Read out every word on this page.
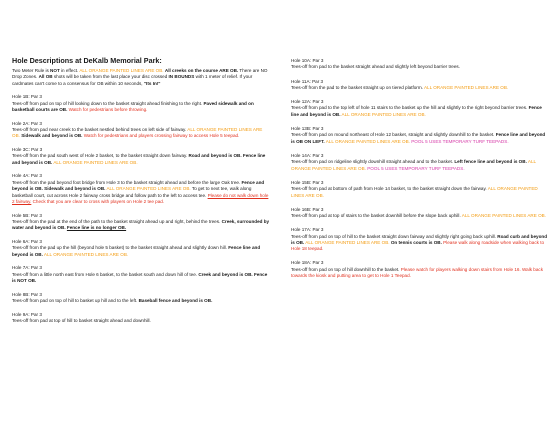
Hole Descriptions at DeKalb Memorial Park:

Two Meter Rule is NOT in effect. ALL ORANGE PAINTED LINES ARE OB. All creeks on the course ARE OB. There are NO Drop Zones. All OB shots will be taken from the last place your disc crossed IN BOUNDS with 1 meter of relief. If your cardmates can't come to a consensus for OB within 10 seconds, "Its In!"

Hole 1B: Par 3
Tees-off from pad on top of hill looking down to the basket straight ahead finishing to the right. Paved sidewalk and on basketball courts are OB. Watch for pedestrians before throwing.
Hole 2A: Par 3
Tees-off from pad near creek to the basket nestled behind trees on left side of fairway. ALL ORANGE PAINTED LINES ARE OB. Sidewalk and beyond is OB. Watch for pedestrians and players crossing fairway to access Hole 5 teepad.
Hole 3C: Par 3
Tees-off from the pad south west of Hole 2 basket, to the basket straight down fairway. Road and beyond is OB. Fence line and beyond is OB. ALL ORANGE PAINTED LINES ARE OB.
Hole 4A: Par 3
Tees-off from the pad beyond foot bridge from Hole 3 to the basket straight ahead and before the large Oak tree. Fence and beyond is OB. Sidewalk and beyond is OB. ALL ORANGE PAINTED LINES ARE OB. To get to next tee, walk along basketball court, cut across Hole 2 fairway cross bridge and follow path to the left to access tee. Please do not walk down hole 2 fairway. Check that you are clear to cross with players on Hole 2 tee pad.
Hole 5B: Par 3
Tees-off from the pad at the end of the path to the basket straight ahead up and right, behind the trees. Creek, surrounded by water and beyond is OB. Fence line is no longer OB.
Hole 6A: Par 3
Tees-off from the pad up the hill (beyond hole 5 basket) to the basket straight ahead and slightly down hill. Fence line and beyond is OB. ALL ORANGE PAINTED LINES ARE OB.
Hole 7A: Par 3
Tees-off from a little north east from Hole 6 basket, to the basket south and down hill of tee. Creek and beyond is OB. Fence is NOT OB.
Hole 8B: Par 3
Tees-off from pad on top of hill to basket up hill and to the left. Baseball fence and beyond is OB.
Hole 9A: Par 3
Tees-off from pad at top of hill to basket straight ahead and downhill.
Hole 10A: Par 3
Tees-off from pad to the basket straight ahead and slightly left beyond barrier trees.
Hole 11A: Par 3
Tees-off from the pad to the basket straight up on tiered platform. ALL ORANGE PAINTED LINES ARE OB.
Hole 12A: Par 3
Tees-off from pad to the top left of hole 11 stairs to the basket up the hill and slightly to the right beyond barrier trees. Fence line and beyond is OB. ALL ORANGE PAINTED LINES ARE OB.
Hole 13B: Par 3
Tees-off from pad on mound northeast of Hole 12 basket, straight and slightly downhill to the basket. Fence line and beyond is OB ON LEFT. ALL ORANGE PAINTED LINES ARE OB. POOL 5 USES TEMPORARY TURF TEEPADS.
Hole 14A: Par 3
Tees-off from pad on ridgeline slightly downhill straight ahead and to the basket. Left fence line and beyond is OB. ALL ORANGE PAINTED LINES ARE OB. POOL 5 USES TEMPORARY TURF TEEPADS.
Hole 15B: Par 3
Tees-off from pad at bottom of path from Hole 14 basket, to the basket straight down the fairway. ALL ORANGE PAINTED LINES ARE OB.
Hole 16B: Par 3
Tees-off from pad at top of stairs to the basket downhill before the slope back uphill. ALL ORANGE PAINTED LINES ARE OB.
Hole 17A: Par 3
Tees-off from pad on top of hill to the basket straight down fairway and slightly right going back uphill. Road curb and beyond is OB. ALL ORANGE PAINTED LINES ARE OB. On tennis courts is OB. Please walk along roadside when walking back to Hole 18 teepad.
Hole 18A: Par 3
Tees-off from pad on top of hill downhill to the basket. Please watch for players walking down stairs from Hole 16. Walk back towards the kiosk and putting area to get to Hole 1 Teepad.
